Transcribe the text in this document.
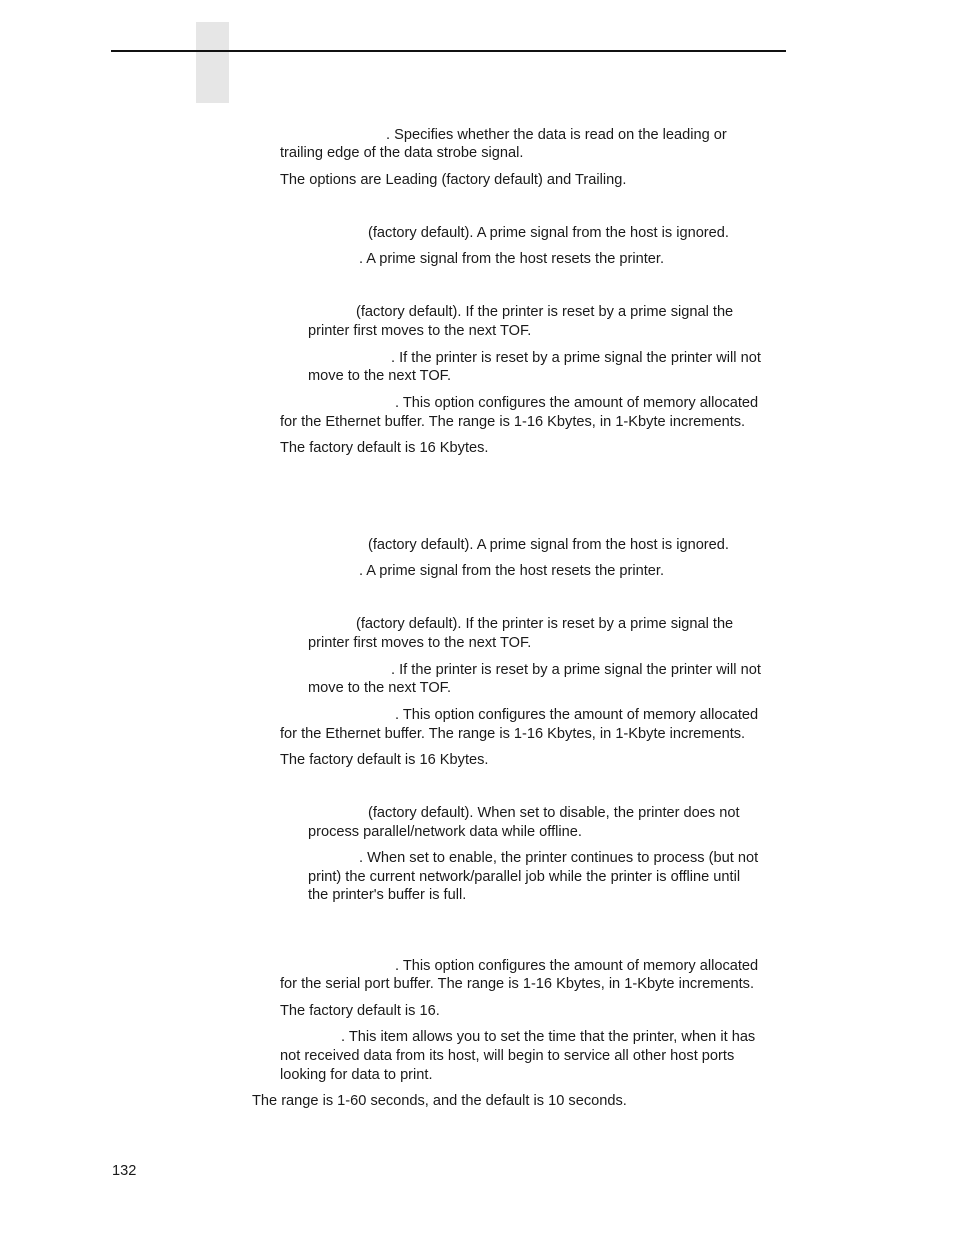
. Specifies whether the data is read on the leading or

trailing edge of the data strobe signal.

The options are Leading (factory default) and Trailing.

(factory default). A prime signal from the host is ignored.

. A prime signal from the host resets the printer.

(factory default). If the printer is reset by a prime signal the

printer first moves to the next TOF.

. If the printer is reset by a prime signal the printer will not

move to the next TOF.

. This option configures the amount of memory allocated

for the Ethernet buffer. The range is 1-16 Kbytes, in 1-Kbyte increments.

The factory default is 16 Kbytes.

(factory default). A prime signal from the host is ignored.

. A prime signal from the host resets the printer.

(factory default). If the printer is reset by a prime signal the

printer first moves to the next TOF.

. If the printer is reset by a prime signal the printer will not

move to the next TOF.

. This option configures the amount of memory allocated

for the Ethernet buffer. The range is 1-16 Kbytes, in 1-Kbyte increments.

The factory default is 16 Kbytes.

(factory default). When set to disable, the printer does not

process parallel/network data while offline.

. When set to enable, the printer continues to process (but not

print) the current network/parallel job while the printer is offline until

the printer's buffer is full.

. This option configures the amount of memory allocated

for the serial port buffer. The range is 1-16 Kbytes, in 1-Kbyte increments.

The factory default is 16.

. This item allows you to set the time that the printer, when it has

not received data from its host, will begin to service all other host ports

looking for data to print.

The range is 1-60 seconds, and the default is 10 seconds.

132
